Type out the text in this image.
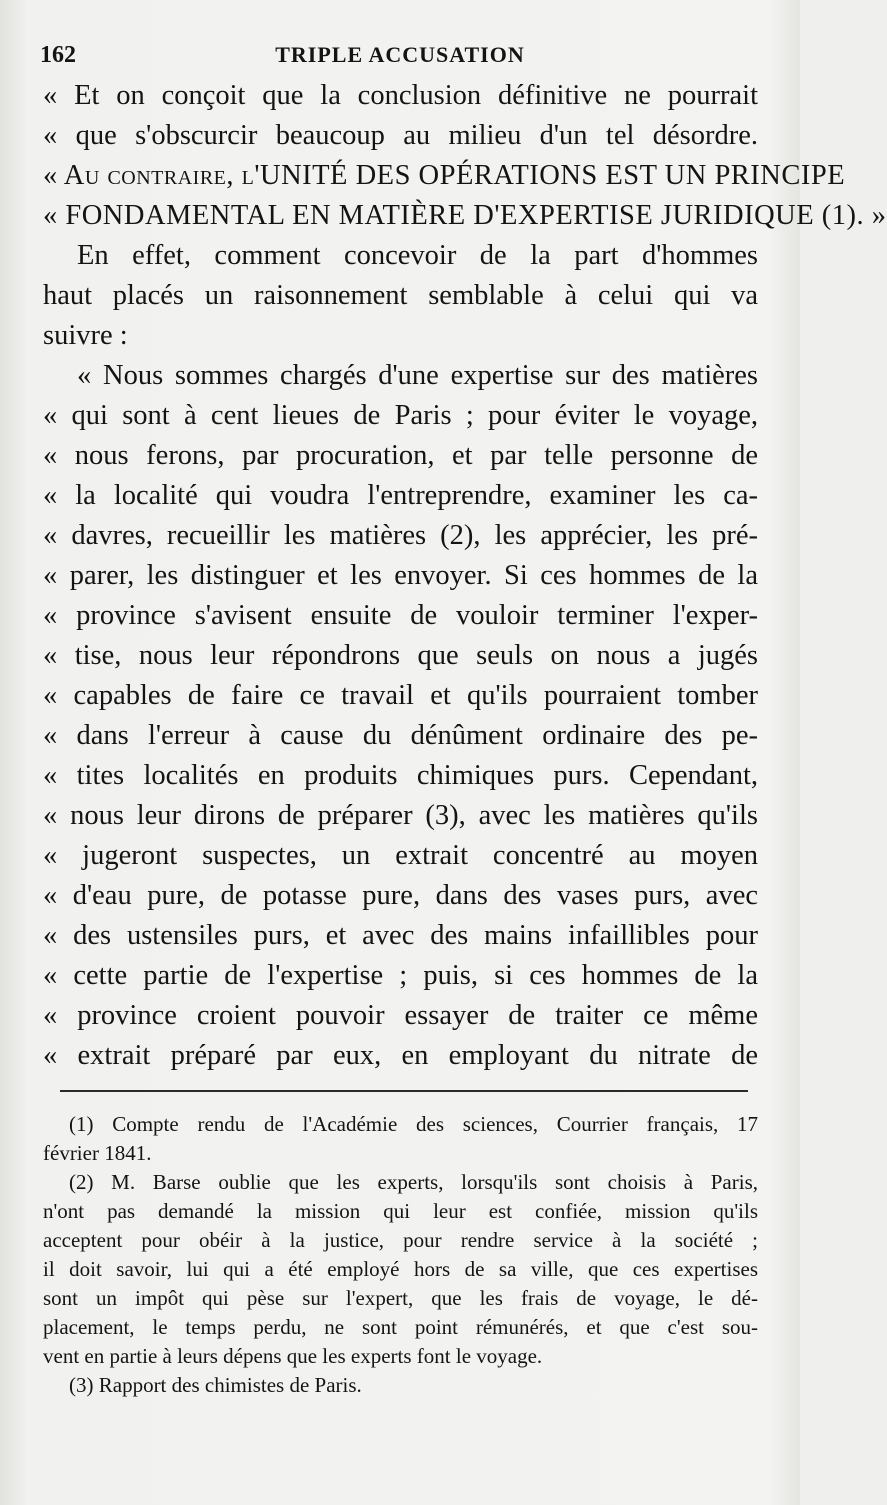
162	TRIPLE ACCUSATION
« Et on conçoit que la conclusion définitive ne pourrait
« que s'obscurcir beaucoup au milieu d'un tel désordre.
« Au contraire, l'UNITÉ DES OPÉRATIONS EST UN PRINCIPE
« FONDAMENTAL EN MATIÈRE D'EXPERTISE JURIDIQUE (1). »
En effet, comment concevoir de la part d'hommes
haut placés un raisonnement semblable à celui qui va
suivre :
« Nous sommes chargés d'une expertise sur des matières
« qui sont à cent lieues de Paris ; pour éviter le voyage,
« nous ferons, par procuration, et par telle personne de
« la localité qui voudra l'entreprendre, examiner les ca-
« davres, recueillir les matières (2), les apprécier, les pré-
« parer, les distinguer et les envoyer. Si ces hommes de la
« province s'avisent ensuite de vouloir terminer l'exper-
« tise, nous leur répondrons que seuls on nous a jugés
« capables de faire ce travail et qu'ils pourraient tomber
« dans l'erreur à cause du dénûment ordinaire des pe-
« tites localités en produits chimiques purs. Cependant,
« nous leur dirons de préparer (3), avec les matières qu'ils
« jugeront suspectes, un extrait concentré au moyen
« d'eau pure, de potasse pure, dans des vases purs, avec
« des ustensiles purs, et avec des mains infaillibles pour
« cette partie de l'expertise ; puis, si ces hommes de la
« province croient pouvoir essayer de traiter ce même
« extrait préparé par eux, en employant du nitrate de
(1) Compte rendu de l'Académie des sciences, Courrier français, 17
février 1841.
(2) M. Barse oublie que les experts, lorsqu'ils sont choisis à Paris,
n'ont pas demandé la mission qui leur est confiée, mission qu'ils
acceptent pour obéir à la justice, pour rendre service à la société ;
il doit savoir, lui qui a été employé hors de sa ville, que ces expertises
sont un impôt qui pèse sur l'expert, que les frais de voyage, le dé-
placement, le temps perdu, ne sont point rémunérés, et que c'est sou-
vent en partie à leurs dépens que les experts font le voyage.
(3) Rapport des chimistes de Paris.
